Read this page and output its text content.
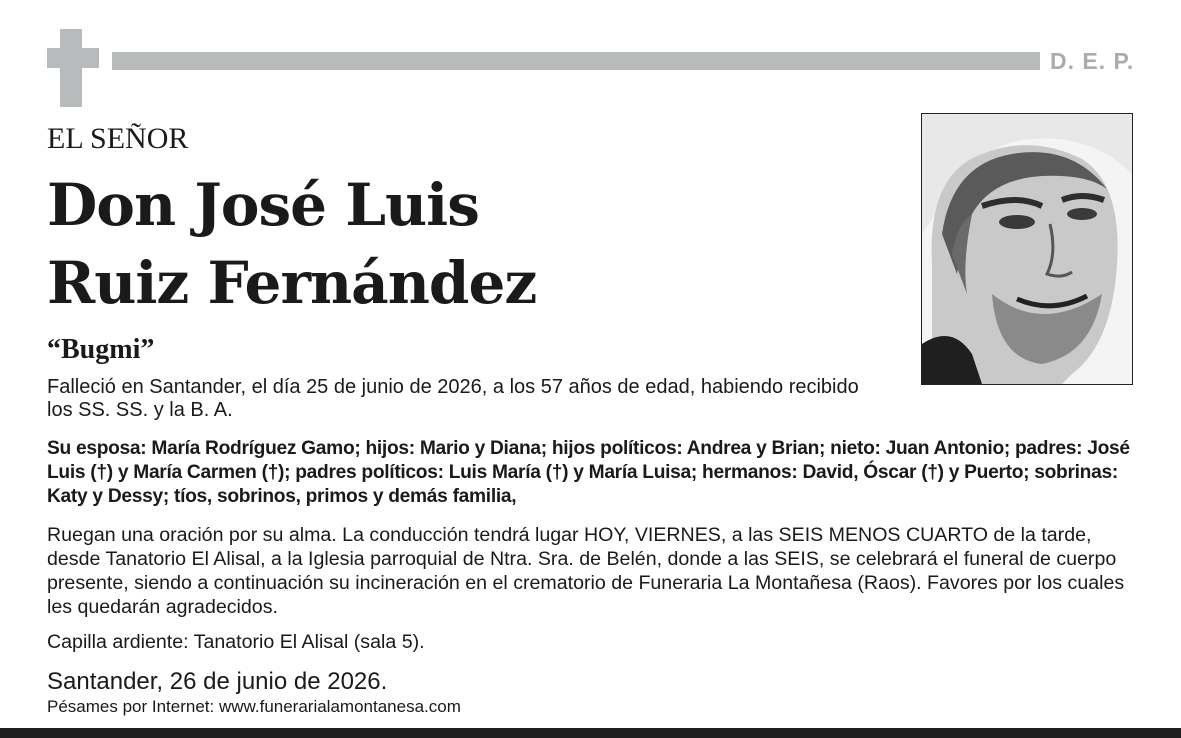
D. E. P.
EL SEÑOR
Don José Luis
Ruiz Fernández
“Bugmi”
Falleció en Santander, el día 25 de junio de 2026, a los 57 años de edad, habiendo recibido los SS. SS. y la B. A.
Su esposa: María Rodríguez Gamo; hijos: Mario y Diana; hijos políticos: Andrea y Brian; nieto: Juan Antonio; padres: José Luis (†) y María Carmen (†); padres políticos: Luis María (†) y María Luisa; hermanos: David, Óscar (†) y Puerto; sobrinas: Katy y Dessy; tíos, sobrinos, primos y demás familia,
Ruegan una oración por su alma. La conducción tendrá lugar HOY, VIERNES, a las SEIS MENOS CUARTO de la tarde, desde Tanatorio El Alisal, a la Iglesia parroquial de Ntra. Sra. de Belén, donde a las SEIS, se celebrará el funeral de cuerpo presente, siendo a continuación su incineración en el crematorio de Funeraria La Montañesa (Raos). Favores por los cuales les quedarán agradecidos.
Capilla ardiente: Tanatorio El Alisal (sala 5).
Santander, 26 de junio de 2026.
Pésames por Internet: www.funerarialamontanesa.com
